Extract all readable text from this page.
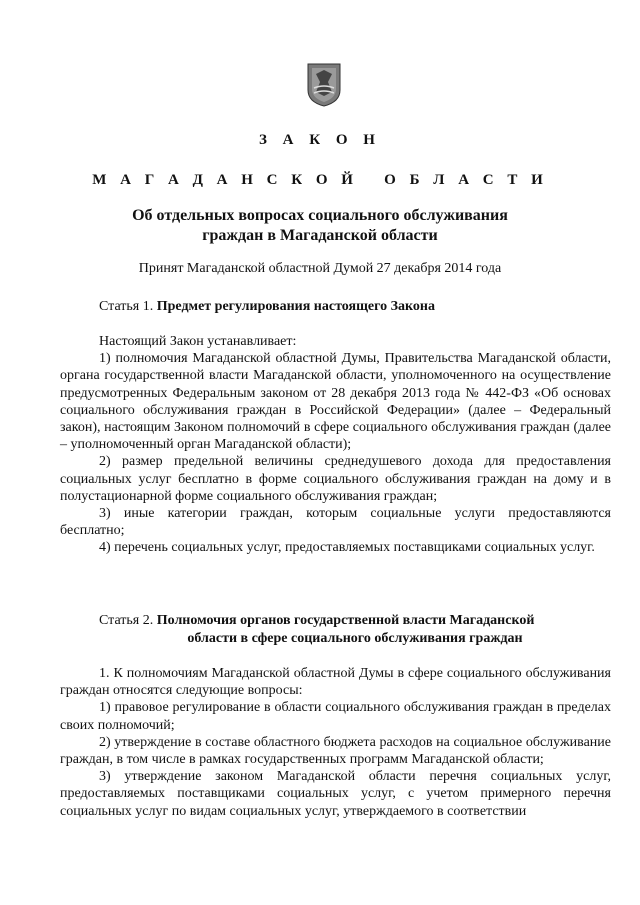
З А К О Н
М А Г А Д А Н С К О Й   О Б Л А С Т И
Об отдельных вопросах социального обслуживания
граждан в Магаданской области
Принят Магаданской областной Думой 27 декабря 2014 года
Статья 1. Предмет регулирования настоящего Закона

Настоящий Закон устанавливает:

1) полномочия Магаданской областной Думы, Правительства Магаданской области, органа государственной власти Магаданской области, уполномоченного на осуществление предусмотренных Федеральным законом от 28 декабря 2013 года № 442-ФЗ «Об основах социального обслуживания граждан в Российской Федерации» (далее – Федеральный закон), настоящим Законом полномочий в сфере социального обслуживания граждан (далее – уполномоченный орган Магаданской области);

2) размер предельной величины среднедушевого дохода для предоставления социальных услуг бесплатно в форме социального обслуживания граждан на дому и в полустационарной форме социального обслуживания граждан;

3) иные категории граждан, которым социальные услуги предоставляются бесплатно;

4) перечень социальных услуг, предоставляемых поставщиками социальных услуг.

Статья 2. Полномочия органов государственной власти Магаданской
области в сфере социального обслуживания граждан

1. К полномочиям Магаданской областной Думы в сфере социального обслуживания граждан относятся следующие вопросы:

1) правовое регулирование в области социального обслуживания граждан в пределах своих полномочий;

2) утверждение в составе областного бюджета расходов на социальное обслуживание граждан, в том числе в рамках государственных программ Магаданской области;

3) утверждение законом Магаданской области перечня социальных услуг, предоставляемых поставщиками социальных услуг, с учетом примерного перечня социальных услуг по видам социальных услуг, утверждаемого в соответствии
